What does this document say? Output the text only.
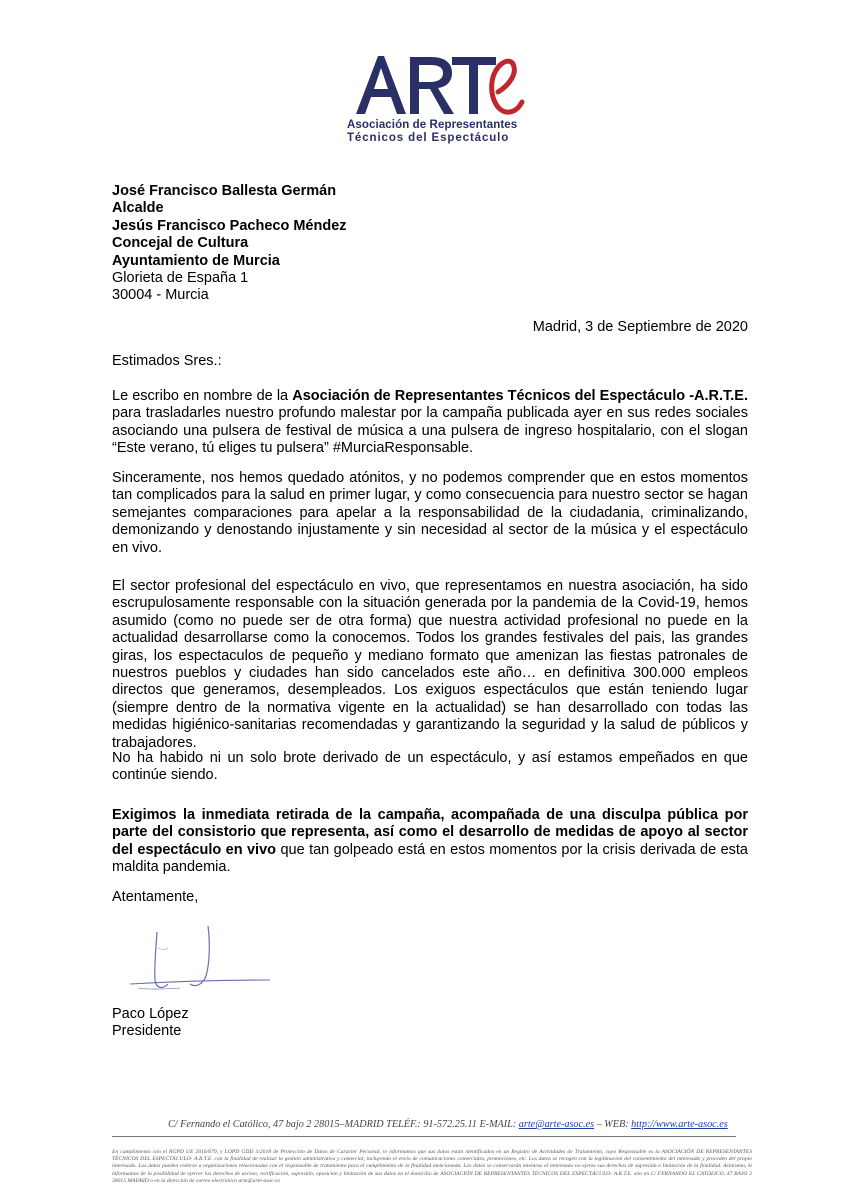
Asociación de Representantes
Técnicos del Espectáculo
José Francisco Ballesta Germán
Alcalde
Jesús Francisco Pacheco Méndez
Concejal de Cultura
Ayuntamiento de Murcia
Glorieta de España 1
30004 - Murcia
Madrid, 3 de Septiembre de 2020
Estimados Sres.:

Le escribo en nombre de la Asociación de Representantes Técnicos del Espectáculo -A.R.T.E. para trasladarles nuestro profundo malestar por la campaña publicada ayer en sus redes sociales asociando una pulsera de festival de música a una pulsera de ingreso hospitalario, con el slogan “Este verano, tú eliges tu pulsera” #MurciaResponsable.

Sinceramente, nos hemos quedado atónitos, y no podemos comprender que en estos momentos tan complicados para la salud en primer lugar, y como consecuencia para nuestro sector se hagan semejantes comparaciones para apelar a la responsabilidad de la ciudadania, criminalizando, demonizando y denostando injustamente y sin necesidad al sector de la música y el espectáculo en vivo.

El sector profesional del espectáculo en vivo, que representamos en nuestra asociación, ha sido escrupulosamente responsable con la situación generada por la pandemia de la Covid-19, hemos asumido (como no puede ser de otra forma) que nuestra actividad profesional no puede en la actualidad desarrollarse como la conocemos. Todos los grandes festivales del pais, las grandes giras, los espectaculos de pequeño y mediano formato que amenizan las fiestas patronales de nuestros pueblos y ciudades han sido cancelados este año… en definitiva 300.000 empleos directos que generamos, desempleados. Los exiguos espectáculos que están teniendo lugar (siempre dentro de la normativa vigente en la actualidad) se han desarrollado con todas las medidas higiénico-sanitarias recomendadas y garantizando la seguridad y la salud de públicos y trabajadores.

No ha habido ni un solo brote derivado de un espectáculo, y así estamos empeñados en que continúe siendo.

Exigimos la inmediata retirada de la campaña, acompañada de una disculpa pública por parte del consistorio que representa, así como el desarrollo de medidas de apoyo al sector del espectáculo en vivo que tan golpeado está en estos momentos por la crisis derivada de esta maldita pandemia.

Atentamente,
Paco López
Presidente
C/ Fernando el Católico, 47 bajo 2 28015–MADRID TELÉF.: 91-572.25.11 E-MAIL: arte@arte-asoc.es – WEB: http://www.arte-asoc.es

En cumplimiento con el RGPD UE 2016/679, y LOPD GDD 3/2018 de Protección de Datos de Carácter Personal, le informamos que sus datos están identificados en un Registro de Actividades de Tratamiento, cuyo Responsable es la ASOCIACIÓN DE REPRESENTANTES TÉCNICOS DEL ESPECTÁCULO- A.R.T.E. con la finalidad de realizar la gestión administrativa y comercial, incluyendo el envío de comunicaciones comerciales, promociones, etc. Los datos se recogen con la legitimación del consentimiento del interesado y proceden del propio interesado. Los datos pueden cederse a organizaciones relacionadas con el responsable de tratamiento para el cumplimiento de la finalidad mencionada. Los datos se conservarán mientras el interesado no ejerza sus derechos de supresión o limitación de la finalidad. Asimismo, le informamos de la posibilidad de ejercer los derechos de acceso, rectificación, supresión, oposición y limitación de sus datos en el domicilio de ASOCIACIÓN DE REPRESENTANTES TÉCNICOS DEL ESPECTÁCULO- A.R.T.E. sito en C/ FERNANDO EL CATÓLICO, 47 BAJO 2 28015 MADRID o en la dirección de correo electrónico arte@arte-asoc.es
